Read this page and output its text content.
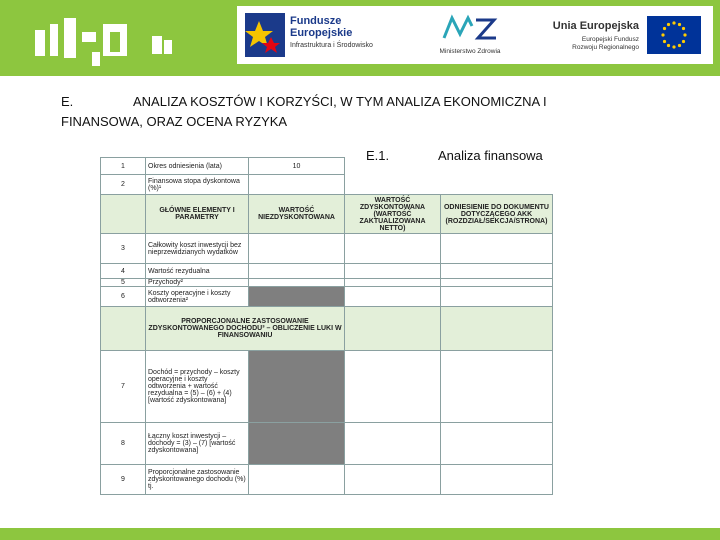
Fundusze
Europejskie
Infrastruktura i Środowisko
Ministerstwo Zdrowia
Unia Europejska
Europejski Fundusz
Rozwoju Regionalnego
E.	ANALIZA KOSZTÓW I KORZYŚCI, W TYM ANALIZA EKONOMICZNA I
FINANSOWA, ORAZ OCENA RYZYKA
E.1.	Analiza finansowa
1	Okres odniesienia (lata)	10		
2	Finansowa stopa dyskontowa (%)¹			
	GŁÓWNE ELEMENTY I PARAMETRY	WARTOŚĆ NIEZDYSKONTOWANA	WARTOŚĆ ZDYSKONTOWANA (WARTOŚĆ ZAKTUALIZOWANA NETTO)	ODNIESIENIE DO DOKUMENTU DOTYCZĄCEGO AKK (ROZDZIAŁ/SEKCJA/STRONA)
3	Całkowity koszt inwestycji bez nieprzewidzianych wydatków			
4	Wartość rezydualna			
5	Przychody²			
6	Koszty operacyjne i koszty odtworzenia²			
	PROPORCJONALNE ZASTOSOWANIE ZDYSKONTOWANEGO DOCHODU³ – OBLICZENIE LUKI W FINANSOWANIU			
7	Dochód = przychody – koszty operacyjne i koszty odtworzenia + wartość rezydualna = (5) – (6) + (4) [wartość zdyskontowana]			
8	Łączny koszt inwestycji – dochody = (3) – (7) [wartość zdyskontowana]			
9	Proporcjonalne zastosowanie zdyskontowanego dochodu (%) tj.			
